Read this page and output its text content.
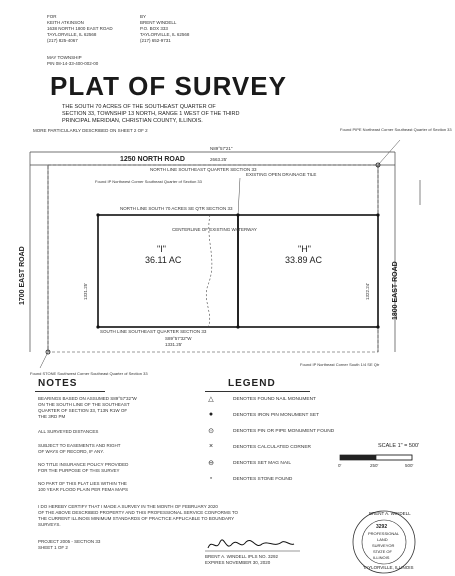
FOR
KEITH ATKINSON
1638 NORTH 1800 EAST ROAD
TAYLORVILLE, IL 62568
(217) 825-4067
BY
BRENT WINDELL
P.O. BOX 333
TAYLORVILLE, IL 62568
(217) 652-9731
MAY TOWNSHIP
PIN 08-14-33-400-002-00
PLAT OF SURVEY
THE SOUTH 70 ACRES OF THE SOUTHEAST QUARTER OF
SECTION 33, TOWNSHIP 13 NORTH, RANGE 1 WEST OF THE THIRD
PRINCIPAL MERIDIAN, CHRISTIAN COUNTY, ILLINOIS.
MORE PARTICULARLY DESCRIBED ON SHEET 2 OF 2
1250 NORTH ROAD
N89°57'21"
2663.25'
NORTH LINE SOUTHEAST QUARTER SECTION 33
1700 EAST ROAD	1800 EAST ROAD
NORTH LINE SOUTH 70 ACRES SE QTR SECTION 33
"I"
36.11 AC
"H"
33.89 AC
EXISTING OPEN DRAINAGE TILE
CENTERLINE OF EXISTING WATERWAY
SOUTH LINE SOUTHEAST QUARTER SECTION 33
S89°57'32"W
1331.25'
1331.25'	1322.24'
Found PIPE Northeast Corner Southeast Quarter of Section 33
Found STONE Southwest Corner Southeast Quarter of Section 33
Found IP Northwest Corner Southeast Quarter of Section 33
Found IP Northeast Corner South 1/4 SE Qtr
NOTES
BEARINGS BASED ON ASSUMED S89°57'32"W
ON THE SOUTH LINE OF THE SOUTHEAST
QUARTER OF SECTION 33, T13N R1W OF
THE 3RD PM
ALL SURVEYED DISTANCES
SUBJECT TO EASEMENTS AND RIGHT
OF WAYS OF RECORD, IF ANY.
NO TITLE INSURANCE POLICY PROVIDED
FOR THE PURPOSE OF THIS SURVEY
NO PART OF THIS PLAT LIES WITHIN THE
100 YEAR FLOOD PLAIN PER FEMA MAPS
LEGEND
△	DENOTES FOUND NAIL MONUMENT
●	DENOTES IRON PIN MONUMENT SET
⊙	DENOTES PIN OR PIPE MONUMENT FOUND
×	DENOTES CALCULATED CORNER
⊖	DENOTES SET MAG NAIL
▫	DENOTES STONE FOUND
SCALE 1" = 500'
0'	250'	500'
I DO HEREBY CERTIFY THAT I MADE A SURVEY IN THE MONTH OF FEBRUARY 2020
OF THE ABOVE DESCRIBED PROPERTY AND THIS PROFESSIONAL SERVICE CONFORMS TO
THE CURRENT ILLINOIS MINIMUM STANDARDS OF PRACTICE APPLICABLE TO BOUNDARY
SURVEYS.
PROJECT 2005 - SECTION 33
SHEET 1 OF 2
BRENT A. WINDELL IPLS NO. 3292
EXPIRES NOVEMBER 30, 2020
BRENT A. WINDELL
3292
PROFESSIONAL
LAND
SURVEYOR
STATE OF
ILLINOIS
TAYLORVILLE, ILLINOIS
